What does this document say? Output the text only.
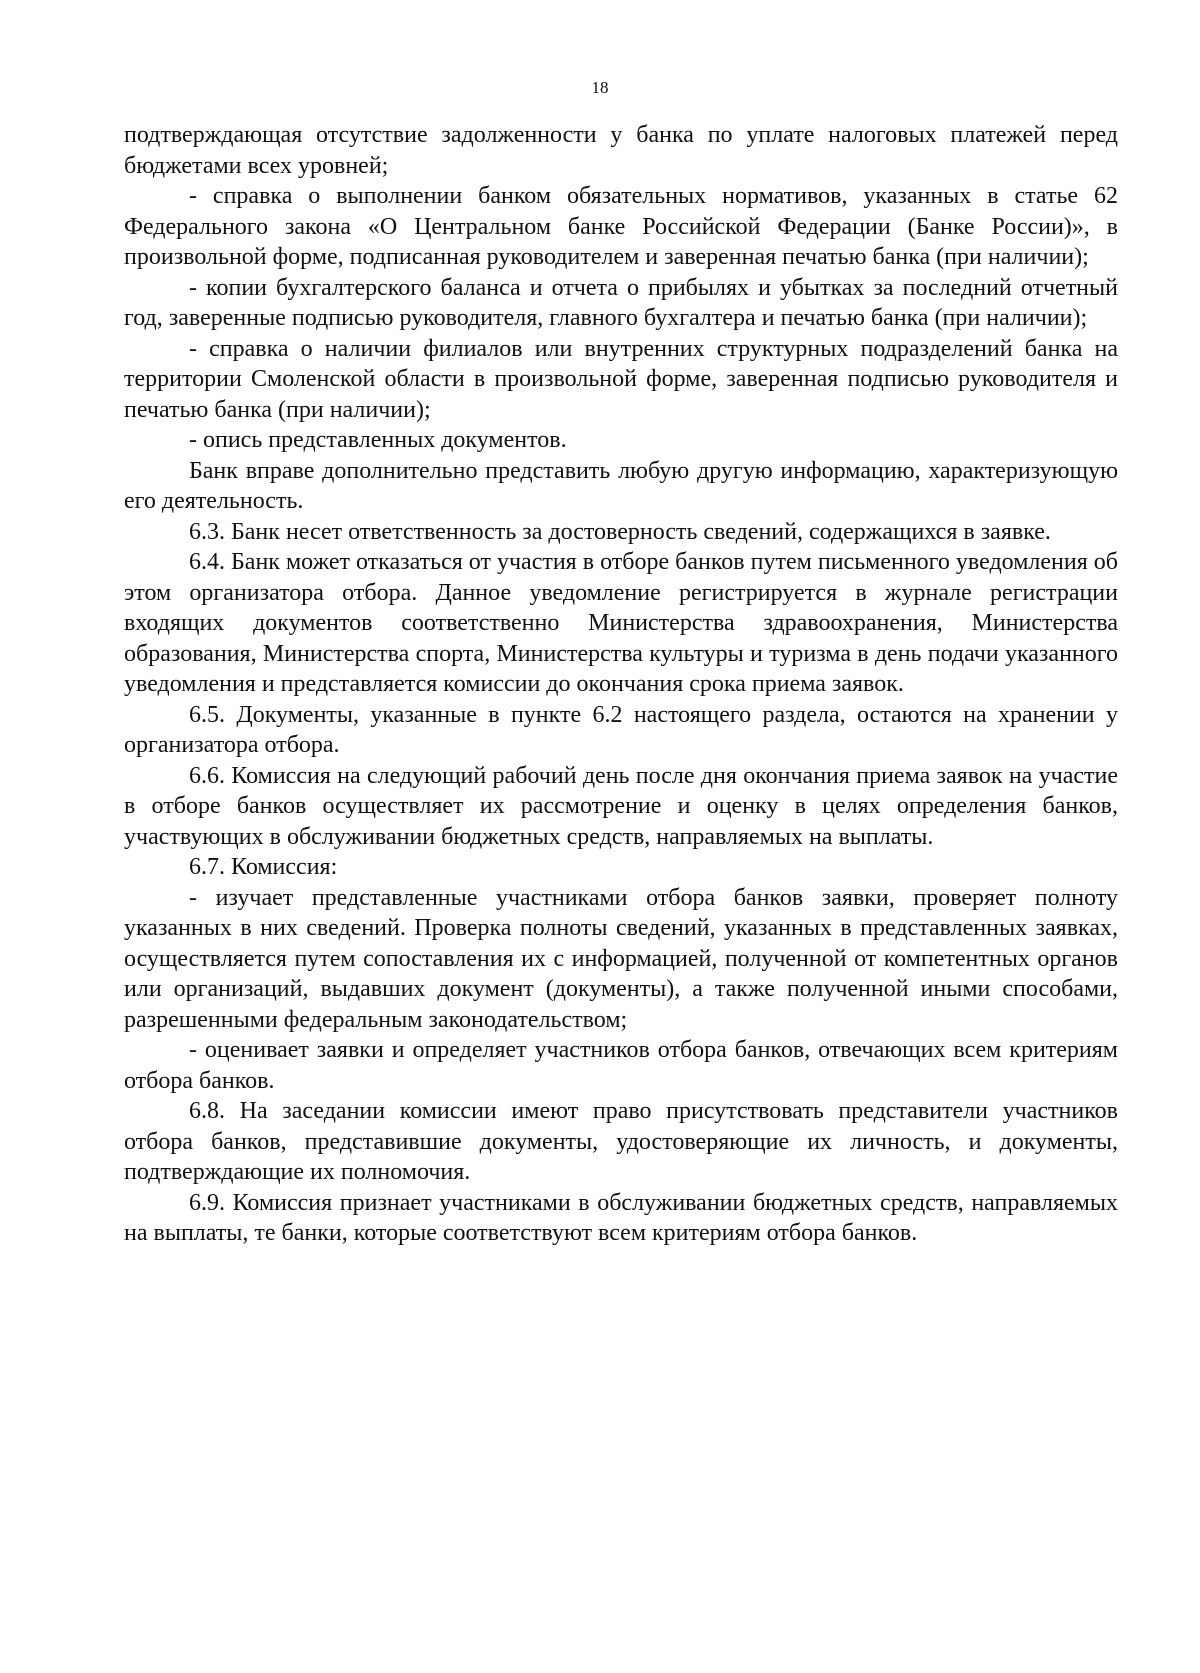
18

подтверждающая отсутствие задолженности у банка по уплате налоговых платежей перед бюджетами всех уровней;

- справка о выполнении банком обязательных нормативов, указанных в статье 62 Федерального закона «О Центральном банке Российской Федерации (Банке России)», в произвольной форме, подписанная руководителем и заверенная печатью банка (при наличии);

- копии бухгалтерского баланса и отчета о прибылях и убытках за последний отчетный год, заверенные подписью руководителя, главного бухгалтера и печатью банка (при наличии);

- справка о наличии филиалов или внутренних структурных подразделений банка на территории Смоленской области в произвольной форме, заверенная подписью руководителя и печатью банка (при наличии);

- опись представленных документов.

Банк вправе дополнительно представить любую другую информацию, характеризующую его деятельность.

6.3. Банк несет ответственность за достоверность сведений, содержащихся в заявке.

6.4. Банк может отказаться от участия в отборе банков путем письменного уведомления об этом организатора отбора. Данное уведомление регистрируется в журнале регистрации входящих документов соответственно Министерства здравоохранения, Министерства образования, Министерства спорта, Министерства культуры и туризма в день подачи указанного уведомления и представляется комиссии до окончания срока приема заявок.

6.5. Документы, указанные в пункте 6.2 настоящего раздела, остаются на хранении у организатора отбора.

6.6. Комиссия на следующий рабочий день после дня окончания приема заявок на участие в отборе банков осуществляет их рассмотрение и оценку в целях определения банков, участвующих в обслуживании бюджетных средств, направляемых на выплаты.

6.7. Комиссия:

- изучает представленные участниками отбора банков заявки, проверяет полноту указанных в них сведений. Проверка полноты сведений, указанных в представленных заявках, осуществляется путем сопоставления их с информацией, полученной от компетентных органов или организаций, выдавших документ (документы), а также полученной иными способами, разрешенными федеральным законодательством;

- оценивает заявки и определяет участников отбора банков, отвечающих всем критериям отбора банков.

6.8. На заседании комиссии имеют право присутствовать представители участников отбора банков, представившие документы, удостоверяющие их личность, и документы, подтверждающие их полномочия.

6.9. Комиссия признает участниками в обслуживании бюджетных средств, направляемых на выплаты, те банки, которые соответствуют всем критериям отбора банков.
